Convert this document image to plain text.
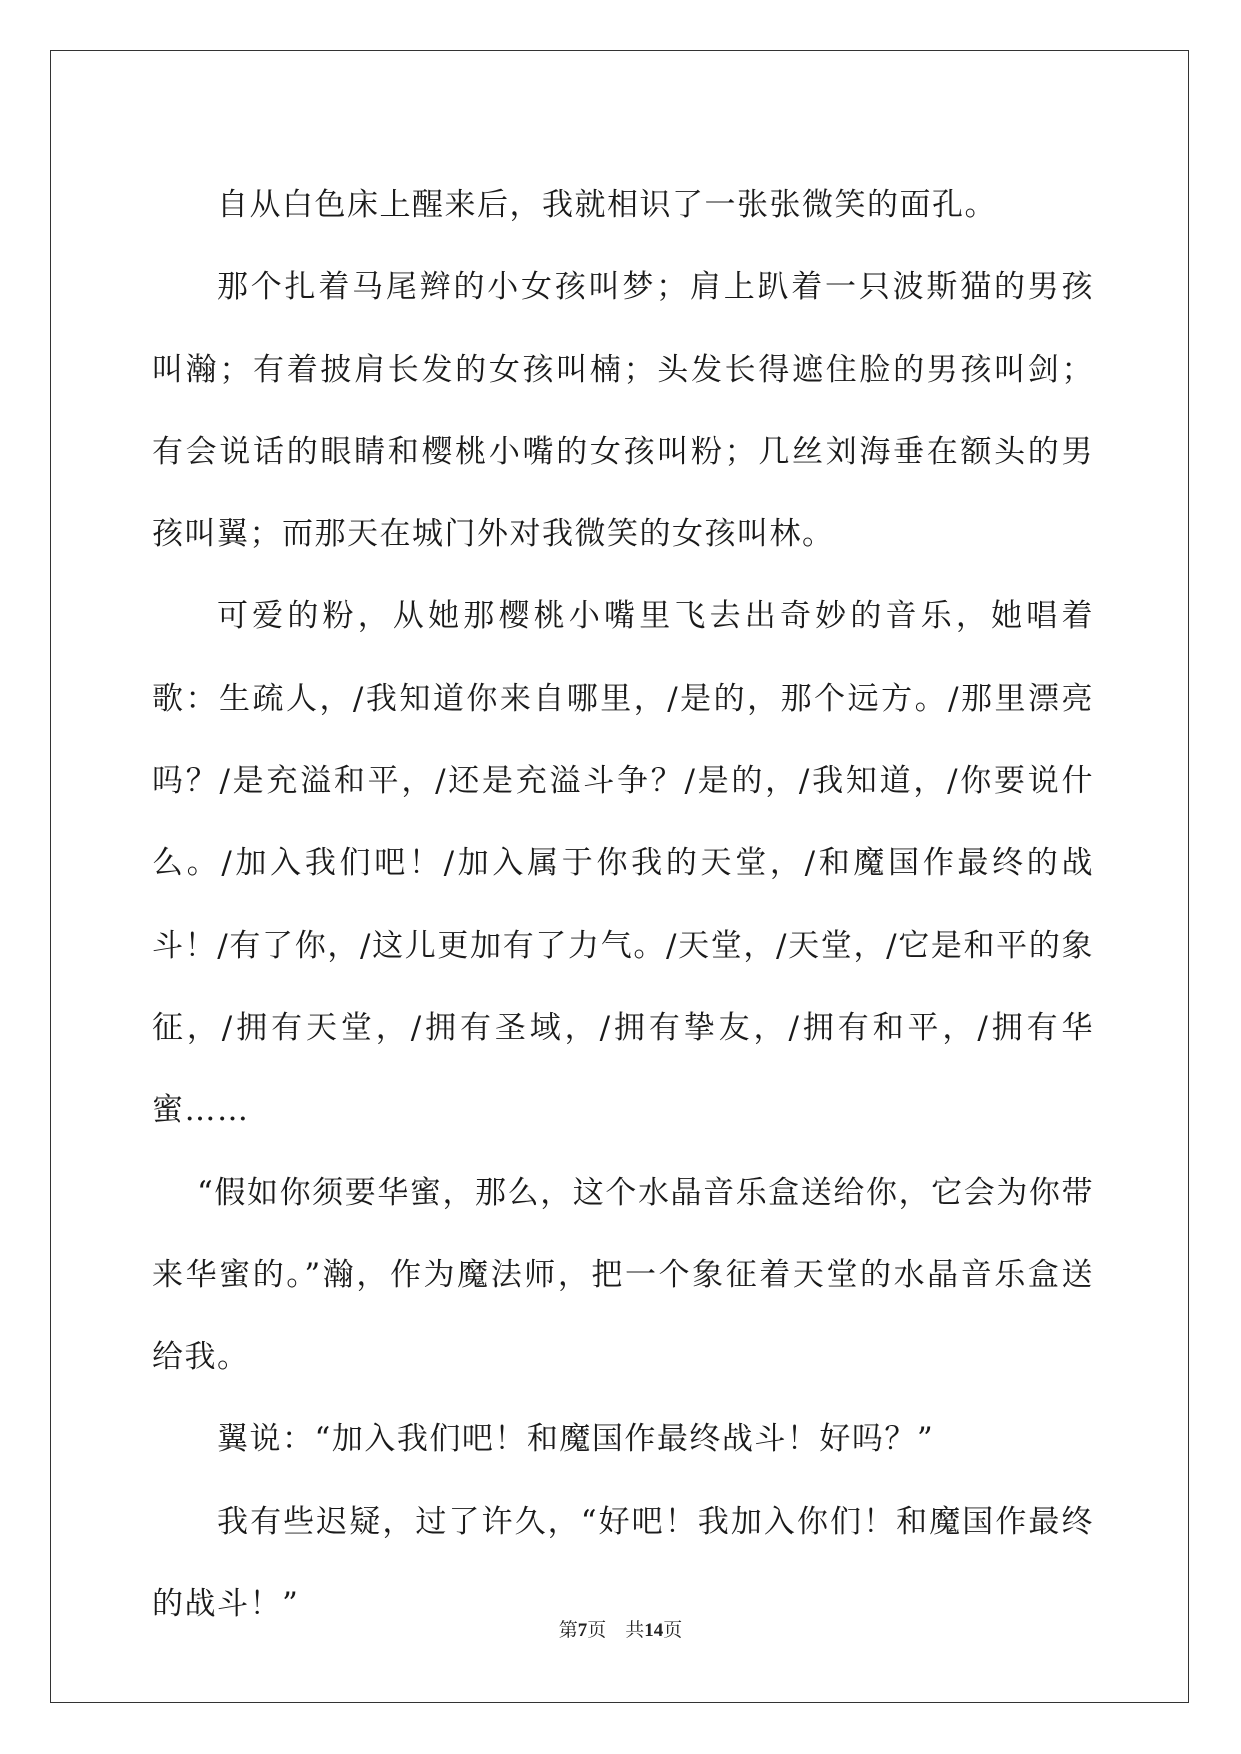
自从白色床上醒来后，我就相识了一张张微笑的面孔。

那个扎着马尾辫的小女孩叫梦；肩上趴着一只波斯猫的男孩叫瀚；有着披肩长发的女孩叫楠；头发长得遮住脸的男孩叫剑；有会说话的眼睛和樱桃小嘴的女孩叫粉；几丝刘海垂在额头的男孩叫翼；而那天在城门外对我微笑的女孩叫林。

可爱的粉，从她那樱桃小嘴里飞去出奇妙的音乐，她唱着歌：生疏人，/我知道你来自哪里，/是的，那个远方。/那里漂亮吗？/是充溢和平，/还是充溢斗争？/是的，/我知道，/你要说什么。/加入我们吧！/加入属于你我的天堂，/和魔国作最终的战斗！/有了你，/这儿更加有了力气。/天堂，/天堂，/它是和平的象征，/拥有天堂，/拥有圣域，/拥有挚友，/拥有和平，/拥有华蜜……

“假如你须要华蜜，那么，这个水晶音乐盒送给你，它会为你带来华蜜的。”瀚，作为魔法师，把一个象征着天堂的水晶音乐盒送给我。

翼说：“加入我们吧！和魔国作最终战斗！好吗？”

我有些迟疑，过了许久，“好吧！我加入你们！和魔国作最终的战斗！”

第7页　共14页
